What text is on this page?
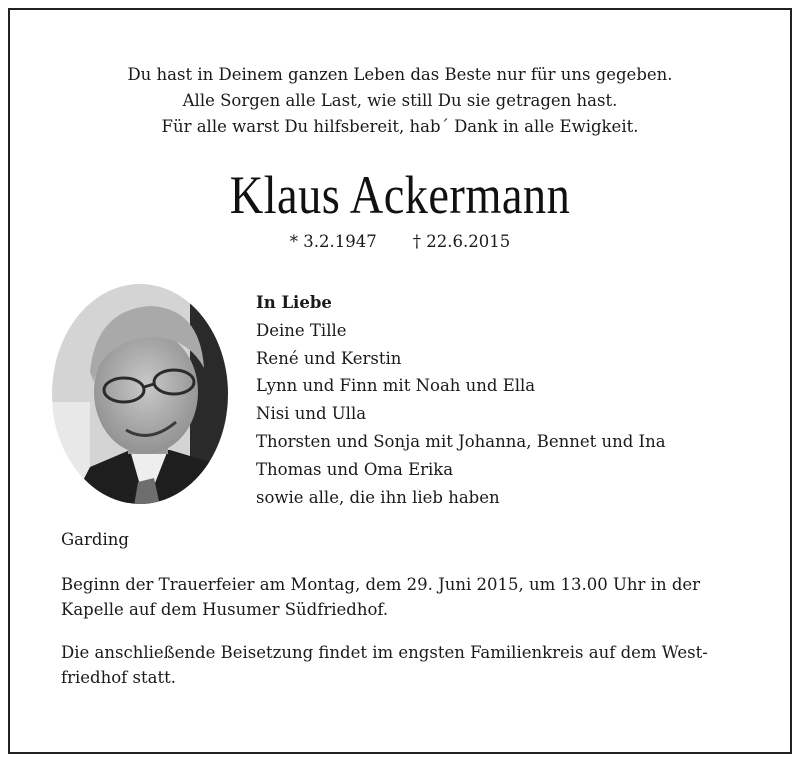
Du hast in Deinem ganzen Leben das Beste nur für uns gegeben.
Alle Sorgen alle Last, wie still Du sie getragen hast.
Für alle warst Du hilfsbereit, hab´ Dank in alle Ewigkeit.
Klaus Ackermann
* 3.2.1947 † 22.6.2015
In Liebe
Deine Tille
René und Kerstin
Lynn und Finn mit Noah und Ella
Nisi und Ulla
Thorsten und Sonja mit Johanna, Bennet und Ina
Thomas und Oma Erika
sowie alle, die ihn lieb haben
Garding
Beginn der Trauerfeier am Montag, dem 29. Juni 2015, um 13.00 Uhr in der
Kapelle auf dem Husumer Südfriedhof.
Die anschließende Beisetzung findet im engsten Familienkreis auf dem West-
friedhof statt.
